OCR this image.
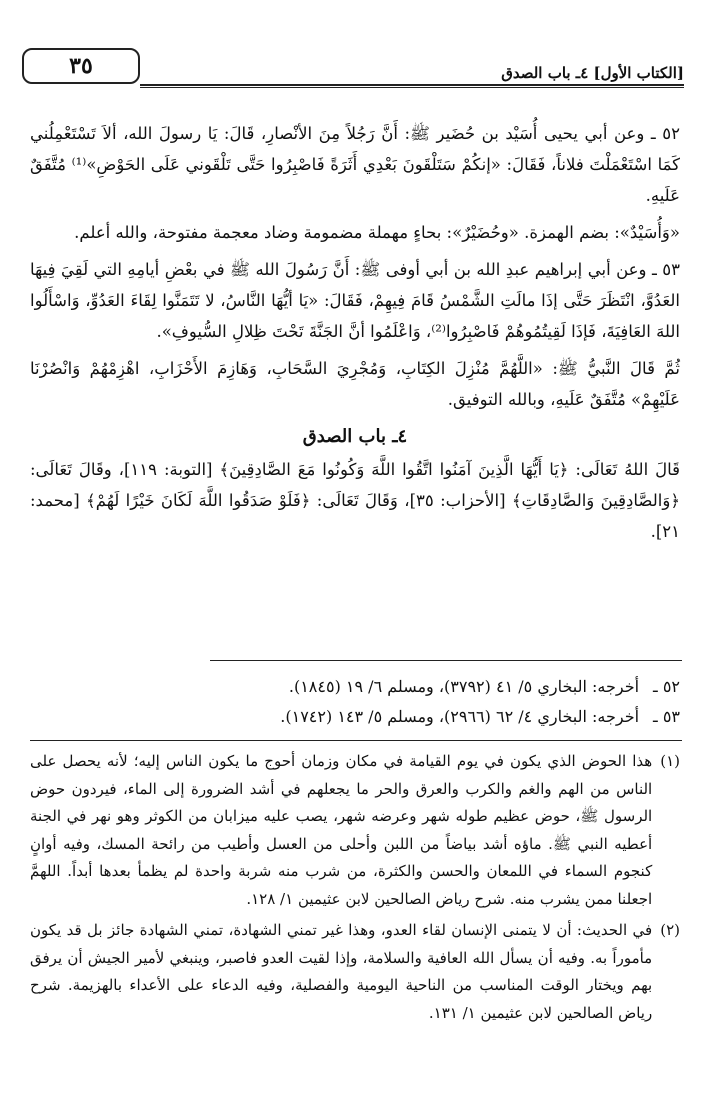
٣٥	[الكتاب الأول] ٤ـ باب الصدق

٥٢ ـ وعن أبي يحيى أُسَيْد بن حُضَير ﷺ: أَنَّ رَجُلاً مِنَ الأنْصارِ، قَالَ: يَا رسولَ الله، ألاَ تَسْتَعْمِلُني كَمَا اسْتَعْمَلْتَ فلاناً، فَقَالَ: «إنكُمْ سَتَلْقَونَ بَعْدِي أَثَرَةً فَاصْبِرُوا حَتَّى تَلْقَوني عَلَى الحَوْضِ»⁽¹⁾ مُتَّفَقٌ عَلَيهِ.

«وَأُسَيْدٌ»: بضم الهمزة. «وحُضَيْرٌ»: بحاءٍ مهملة مضمومة وضاد معجمة مفتوحة، والله أعلم.

٥٣ ـ وعن أبي إبراهيم عبدِ الله بن أبي أوفى ﷺ: أَنَّ رَسُولَ الله ﷺ في بعْضِ أيامِهِ التي لَقِيَ فِيهَا العَدُوَّ، انْتَظَرَ حَتَّى إذَا مالَتِ الشَّمْسُ قَامَ فِيهِمْ، فَقَالَ: «يَا أيُّهَا النَّاسُ، لا تَتَمَنَّوا لِقَاءَ العَدُوِّ، وَاسْأَلُوا اللهَ العَافِيَةَ، فَإذَا لَقِيتُمُوهُمْ فَاصْبِرُوا⁽²⁾، وَاعْلَمُوا أنَّ الجَنَّةَ تَحْتَ ظِلالِ السُّيوفِ».

ثُمَّ قَالَ النَّبيُّ ﷺ: «اللَّهُمَّ مُنْزِلَ الكِتَابِ، وَمُجْرِيَ السَّحَابِ، وَهَازِمَ الأَحْزَابِ، اهْزِمْهُمْ وَانْصُرْنَا عَلَيْهِمْ» مُتَّفَقٌ عَلَيهِ، وبالله التوفيق.

٤ـ باب الصدق

قَالَ اللهُ تَعَالَى: ﴿يَا أَيُّهَا الَّذِينَ آمَنُوا اتَّقُوا اللَّهَ وَكُونُوا مَعَ الصَّادِقِينَ﴾ [التوبة: ١١٩]، وقَالَ تَعَالَى: ﴿وَالصَّادِقِينَ وَالصَّادِقَاتِ﴾ [الأحزاب: ٣٥]، وَقَالَ تَعَالَى: ﴿فَلَوْ صَدَقُوا اللَّهَ لَكَانَ خَيْرًا لَهُمْ﴾ [محمد: ٢١].

٥٢ ـ
أخرجه: البخاري ٥/ ٤١ (٣٧٩٢)، ومسلم ٦/ ١٩ (١٨٤٥).
٥٣ ـ
أخرجه: البخاري ٤/ ٦٢ (٢٩٦٦)، ومسلم ٥/ ١٤٣ (١٧٤٢).
(١)
هذا الحوض الذي يكون في يوم القيامة في مكان وزمان أحوج ما يكون الناس إليه؛ لأنه يحصل على الناس من الهم والغم والكرب والعرق والحر ما يجعلهم في أشد الضرورة إلى الماء، فيردون حوض الرسول ﷺ، حوض عظيم طوله شهر وعرضه شهر، يصب عليه ميزابان من الكوثر وهو نهر في الجنة أعطيه النبي ﷺ. ماؤه أشد بياضاً من اللبن وأحلى من العسل وأطيب من رائحة المسك، وفيه أوانٍ كنجوم السماء في اللمعان والحسن والكثرة، من شرب منه شربة واحدة لم يظمأ بعدها أبداً. اللهمَّ اجعلنا ممن يشرب منه. شرح رياض الصالحين لابن عثيمين ١/ ١٢٨.
(٢)
في الحديث: أن لا يتمنى الإنسان لقاء العدو، وهذا غير تمني الشهادة، تمني الشهادة جائز بل قد يكون مأموراً به. وفيه أن يسأل الله العافية والسلامة، وإذا لقيت العدو فاصبر، وينبغي لأمير الجيش أن يرفق بهم ويختار الوقت المناسب من الناحية اليومية والفصلية، وفيه الدعاء على الأعداء بالهزيمة. شرح رياض الصالحين لابن عثيمين ١/ ١٣١.
